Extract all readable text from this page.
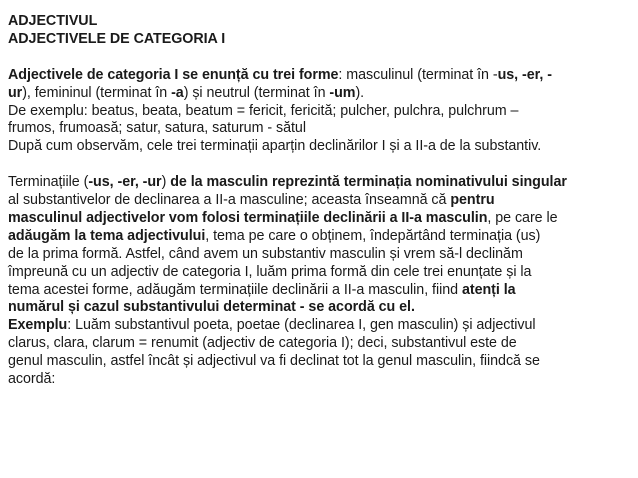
ADJECTIVUL
ADJECTIVELE DE CATEGORIA I
Adjectivele de categoria I se enunță cu trei forme: masculinul (terminat în -us, -er, -
ur), femininul (terminat în -a) și neutrul (terminat în -um).
De exemplu: beatus, beata, beatum = fericit, fericită; pulcher, pulchra, pulchrum –
frumos, frumoasă; satur, satura, saturum - sătul
După cum observăm, cele trei terminații aparțin declinărilor I și a II-a de la substantiv.
Terminațiile (-us, -er, -ur) de la masculin reprezintă terminația nominativului singular
al substantivelor de declinarea a II-a masculine; aceasta înseamnă că pentru
masculinul adjectivelor vom folosi terminațiile declinării a II-a masculin, pe care le
adăugăm la tema adjectivului, tema pe care o obținem, îndepărtând terminația (us)
de la prima formă. Astfel, când avem un substantiv masculin și vrem să-l declinăm
împreună cu un adjectiv de categoria I, luăm prima formă din cele trei enunțate și la
tema acestei forme, adăugăm terminațiile declinării a II-a masculin, fiind atenți la
numărul și cazul substantivului determinat - se acordă cu el.
Exemplu: Luăm substantivul poeta, poetae (declinarea I, gen masculin) și adjectivul
clarus, clara, clarum = renumit (adjectiv de categoria I); deci, substantivul este de
genul masculin, astfel încât și adjectivul va fi declinat tot la genul masculin, fiindcă se
acordă:
